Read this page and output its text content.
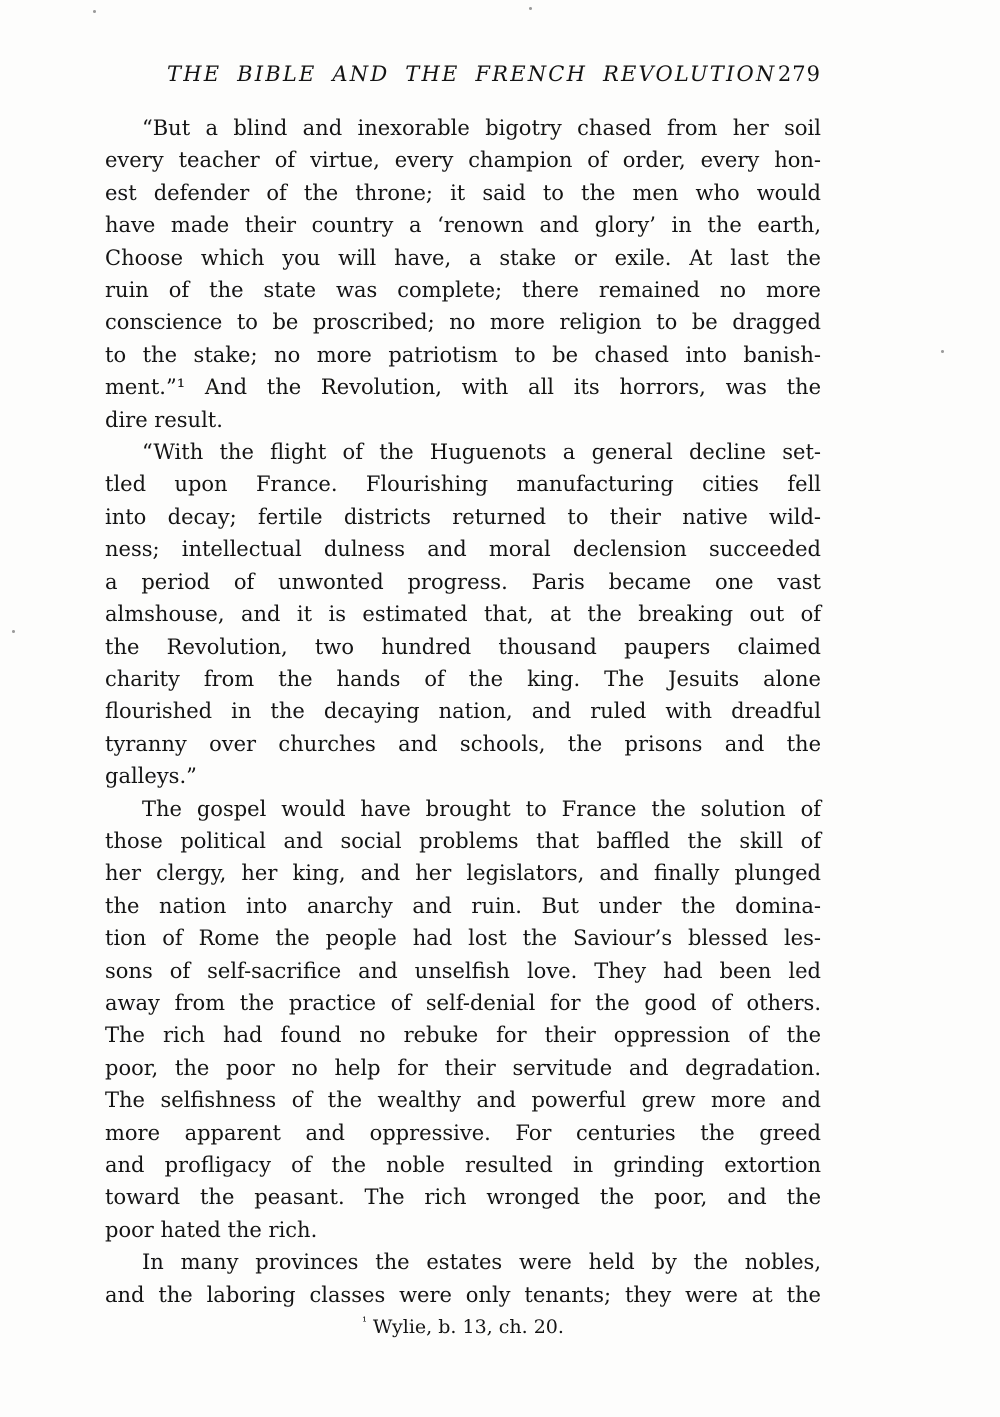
THE BIBLE AND THE FRENCH REVOLUTION 279
“But a blind and inexorable bigotry chased from her soil
every teacher of virtue, every champion of order, every hon-
est defender of the throne; it said to the men who would
have made their country a ‘renown and glory’ in the earth,
Choose which you will have, a stake or exile. At last the
ruin of the state was complete; there remained no more
conscience to be proscribed; no more religion to be dragged
to the stake; no more patriotism to be chased into banish-
ment.”¹ And the Revolution, with all its horrors, was the
dire result.
“With the flight of the Huguenots a general decline set-
tled upon France. Flourishing manufacturing cities fell
into decay; fertile districts returned to their native wild-
ness; intellectual dulness and moral declension succeeded
a period of unwonted progress. Paris became one vast
almshouse, and it is estimated that, at the breaking out of
the Revolution, two hundred thousand paupers claimed
charity from the hands of the king. The Jesuits alone
flourished in the decaying nation, and ruled with dreadful
tyranny over churches and schools, the prisons and the
galleys.”
The gospel would have brought to France the solution of
those political and social problems that baffled the skill of
her clergy, her king, and her legislators, and finally plunged
the nation into anarchy and ruin. But under the domina-
tion of Rome the people had lost the Saviour’s blessed les-
sons of self-sacrifice and unselfish love. They had been led
away from the practice of self-denial for the good of others.
The rich had found no rebuke for their oppression of the
poor, the poor no help for their servitude and degradation.
The selfishness of the wealthy and powerful grew more and
more apparent and oppressive. For centuries the greed
and profligacy of the noble resulted in grinding extortion
toward the peasant. The rich wronged the poor, and the
poor hated the rich.
In many provinces the estates were held by the nobles,
and the laboring classes were only tenants; they were at the
$^{^1}$ Wylie, b. 13, ch. 20.
